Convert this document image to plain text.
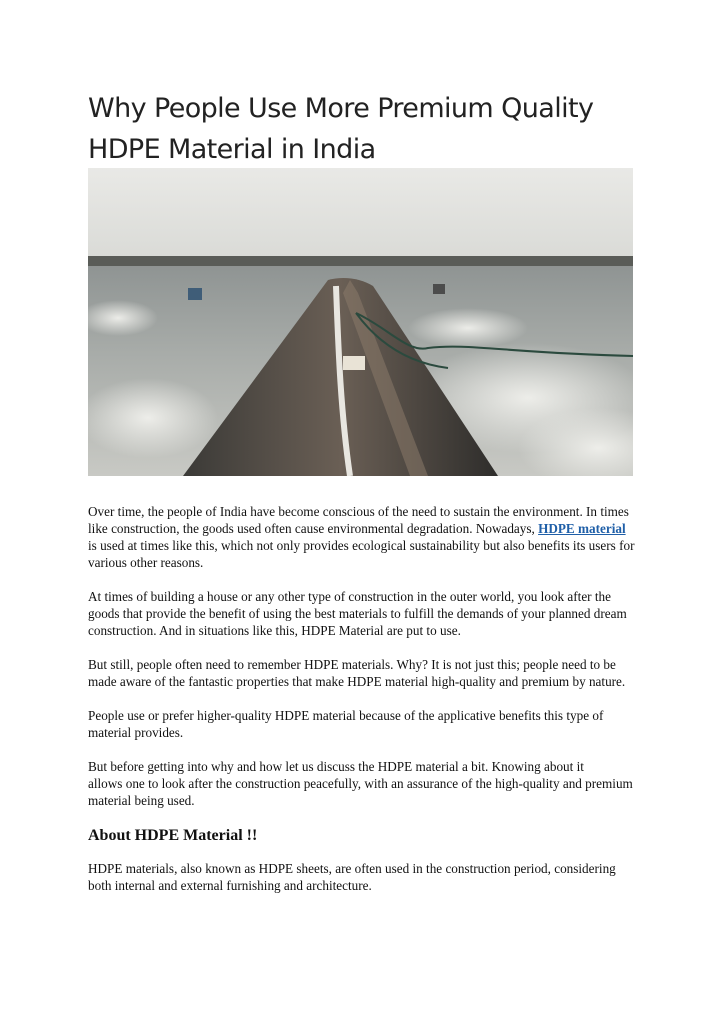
Why People Use More Premium Quality
HDPE Material in India

Over time, the people of India have become conscious of the need to sustain the environment. In times like construction, the goods used often cause environmental degradation. Nowadays, HDPE material is used at times like this, which not only provides ecological sustainability but also benefits its users for various other reasons.

At times of building a house or any other type of construction in the outer world, you look after the goods that provide the benefit of using the best materials to fulfill the demands of your planned dream construction. And in situations like this, HDPE Material are put to use.

But still, people often need to remember HDPE materials. Why? It is not just this; people need to be made aware of the fantastic properties that make HDPE material high-quality and premium by nature.

People use or prefer higher-quality HDPE material because of the applicative benefits this type of material provides.

But before getting into why and how let us discuss the HDPE material a bit. Knowing about it
allows one to look after the construction peacefully, with an assurance of the high-quality and premium material being used.

About HDPE Material !!

HDPE materials, also known as HDPE sheets, are often used in the construction period, considering both internal and external furnishing and architecture.
